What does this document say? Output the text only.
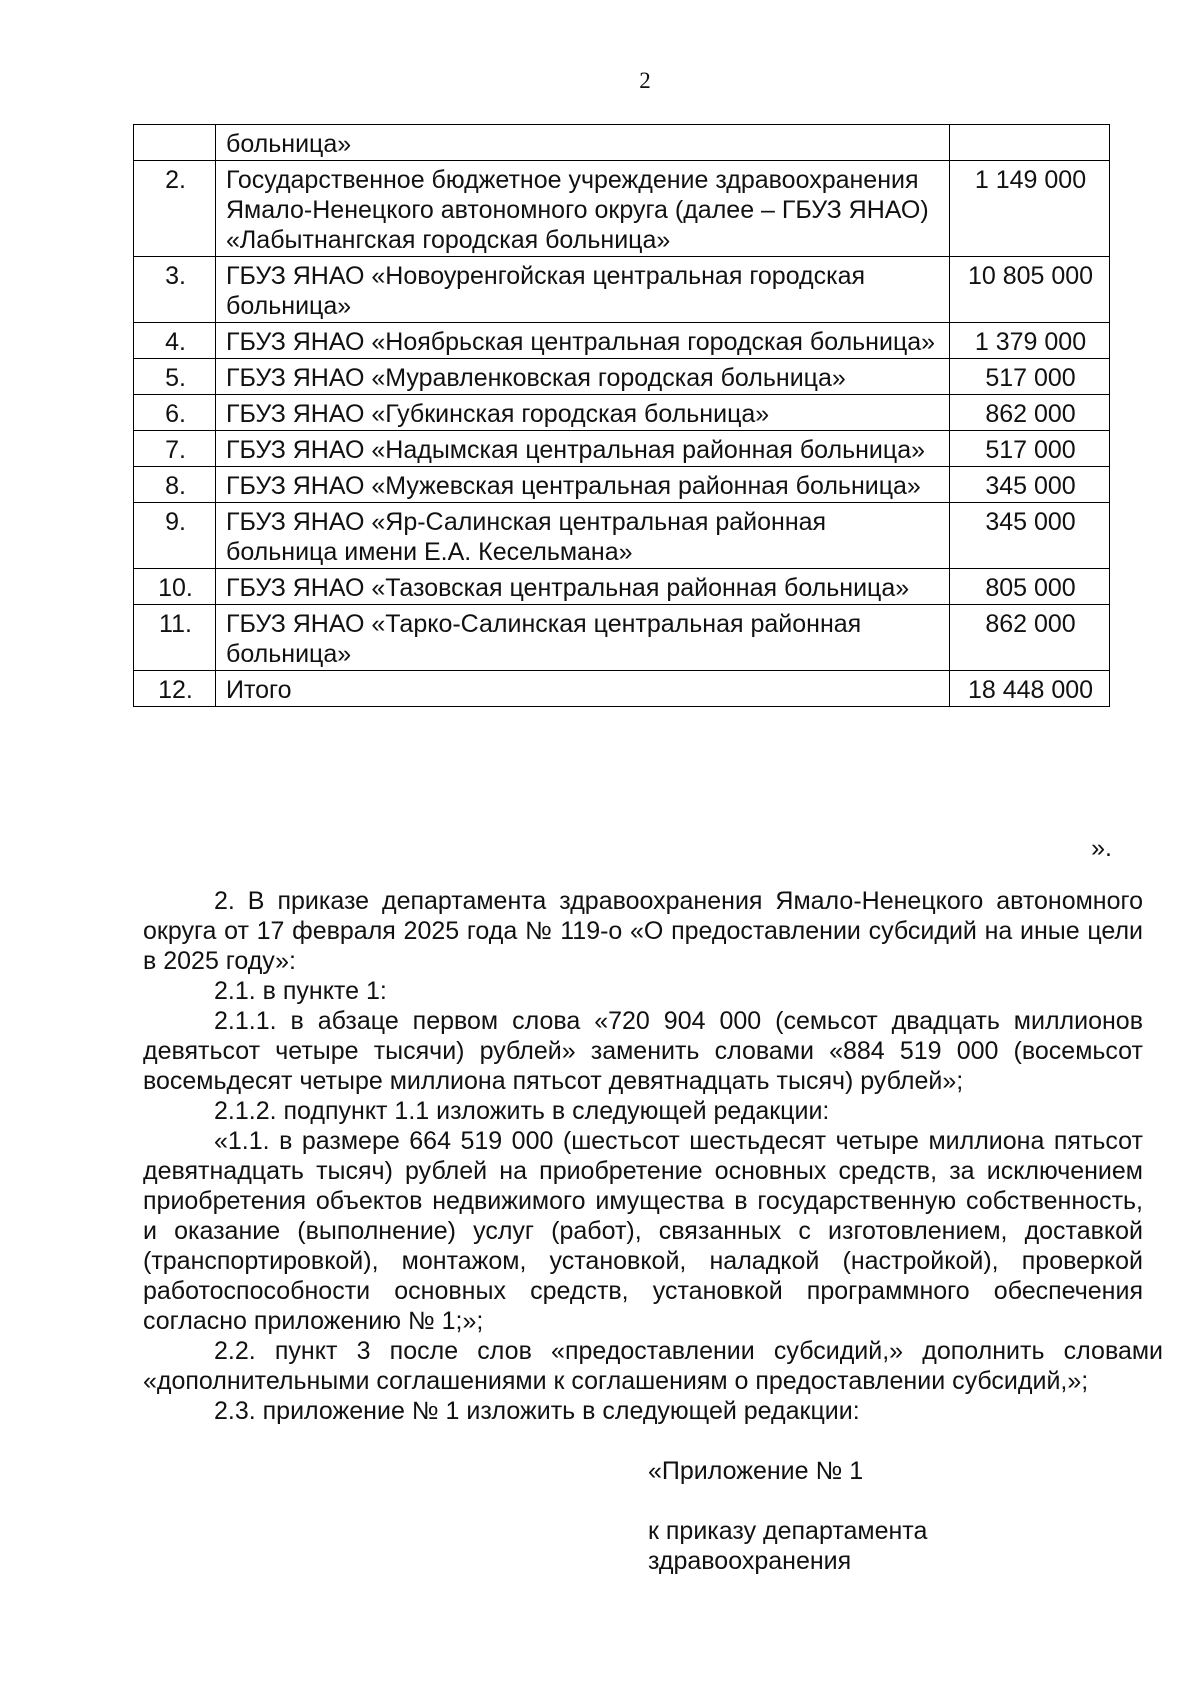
2
	больница»	
2.	Государственное бюджетное учреждение здравоохранения Ямало-Ненецкого автономного округа (далее – ГБУЗ ЯНАО) «Лабытнангская городская больница»	1 149 000
3.	ГБУЗ ЯНАО «Новоуренгойская центральная городская больница»	10 805 000
4.	ГБУЗ ЯНАО «Ноябрьская центральная городская больница»	1 379 000
5.	ГБУЗ ЯНАО «Муравленковская городская больница»	517 000
6.	ГБУЗ ЯНАО «Губкинская городская больница»	862 000
7.	ГБУЗ ЯНАО «Надымская центральная районная больница»	517 000
8.	ГБУЗ ЯНАО «Мужевская центральная районная больница»	345 000
9.	ГБУЗ ЯНАО «Яр-Салинская центральная районная больница имени Е.А. Кесельмана»	345 000
10.	ГБУЗ ЯНАО «Тазовская центральная районная больница»	805 000
11.	ГБУЗ ЯНАО «Тарко-Салинская центральная районная больница»	862 000
12.	Итого	18 448 000
».
2. В приказе департамента здравоохранения Ямало-Ненецкого автономного округа от 17 февраля 2025 года № 119-о «О предоставлении субсидий на иные цели в 2025 году»:
2.1. в пункте 1:
2.1.1. в абзаце первом слова «720 904 000 (семьсот двадцать миллионов девятьсот четыре тысячи) рублей» заменить словами «884 519 000 (восемьсот восемьдесят четыре миллиона пятьсот девятнадцать тысяч) рублей»;
2.1.2. подпункт 1.1 изложить в следующей редакции:
«1.1. в размере 664 519 000 (шестьсот шестьдесят четыре миллиона пятьсот девятнадцать тысяч) рублей на приобретение основных средств, за исключением приобретения объектов недвижимого имущества в государственную собственность, и оказание (выполнение) услуг (работ), связанных с изготовлением, доставкой (транспортировкой), монтажом, установкой, наладкой (настройкой), проверкой работоспособности основных средств, установкой программного обеспечения согласно приложению № 1;»;
2.2. пункт 3 после слов «предоставлении субсидий,» дополнить словами «дополнительными соглашениями к соглашениям о предоставлении субсидий,»;
2.3. приложение № 1 изложить в следующей редакции:
«Приложение № 1
к приказу департамента
здравоохранения
